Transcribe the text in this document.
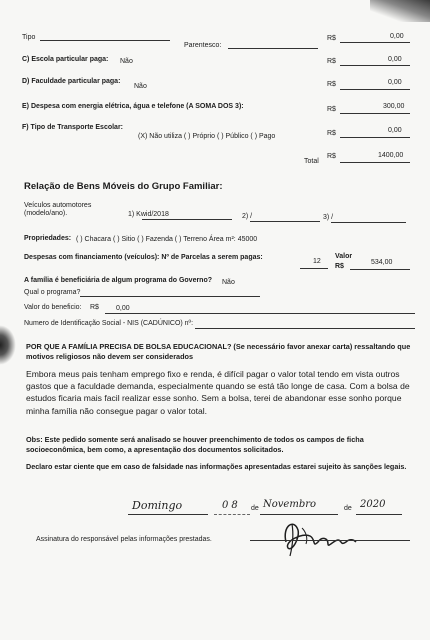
Tipo
Parentesco:
R$	0,00
C) Escola particular paga: Não	R$	0,00
D) Faculdade particular paga:
Não	R$	0,00
E) Despesa com energia elétrica, água e telefone (A SOMA DOS 3):	R$	300,00
F) Tipo de Transporte Escolar:
(X) Não utiliza ( ) Próprio ( ) Público ( ) Pago	R$	0,00
Total
R$	1400,00
Relação de Bens Móveis do Grupo Familiar:
Veículos automotores (modelo/ano).	1) Kwid/2018	2) /	3) /
Propriedades: ( ) Chacara ( ) Sitio ( ) Fazenda ( ) Terreno Área m²: 45000
Despesas com financiamento (veículos): Nº de Parcelas a serem pagas:
12
Valor
R$
534,00
A família é beneficiária de algum programa do Governo? Não
Qual o programa?
Valor do beneficio: R$ 0,00
Numero de Identificação Social - NIS (CADÚNICO) nº:
POR QUE A FAMÍLIA PRECISA DE BOLSA EDUCACIONAL? (Se necessário favor anexar carta) ressaltando que motivos religiosos não devem ser considerados
Embora meus pais tenham emprego fixo e renda, é difícil pagar o valor total tendo em vista outros gastos que a faculdade demanda, especialmente quando se está tão longe de casa. Com a bolsa de estudos ficaria mais facil realizar esse sonho. Sem a bolsa, terei de abandonar esse sonho porque minha família não consegue pagar o valor total.
Obs: Este pedido somente será analisado se houver preenchimento de todos os campos de ficha socioeconômica, bem como, a apresentação dos documentos solicitados.
Declaro estar ciente que em caso de falsidade nas informações apresentadas estarei sujeito às sanções legais.
Domingo	08 de Novembro	de 2020
Assinatura do responsável pelas informações prestadas.
